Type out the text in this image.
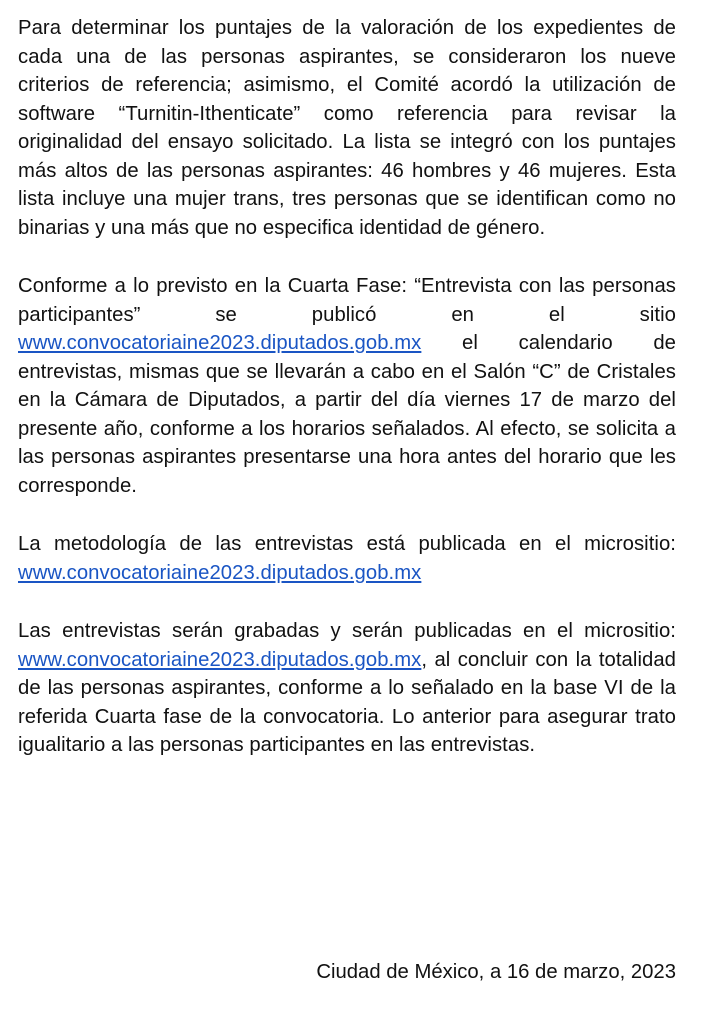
Para determinar los puntajes de la valoración de los expedientes de cada una de las personas aspirantes, se consideraron los nueve criterios de referencia; asimismo, el Comité acordó la utilización de software “Turnitin-Ithenticate” como referencia para revisar la originalidad del ensayo solicitado. La lista se integró con los puntajes más altos de las personas aspirantes: 46 hombres y 46 mujeres. Esta lista incluye una mujer trans, tres personas que se identifican como no binarias y una más que no especifica identidad de género.

Conforme a lo previsto en la Cuarta Fase: “Entrevista con las personas participantes” se publicó en el sitio www.convocatoriaine2023.diputados.gob.mx el calendario de entrevistas, mismas que se llevarán a cabo en el Salón “C” de Cristales en la Cámara de Diputados, a partir del día viernes 17 de marzo del presente año, conforme a los horarios señalados. Al efecto, se solicita a las personas aspirantes presentarse una hora antes del horario que les corresponde.

La metodología de las entrevistas está publicada en el micrositio: www.convocatoriaine2023.diputados.gob.mx

Las entrevistas serán grabadas y serán publicadas en el micrositio: www.convocatoriaine2023.diputados.gob.mx, al concluir con la totalidad de las personas aspirantes, conforme a lo señalado en la base VI de la referida Cuarta fase de la convocatoria. Lo anterior para asegurar trato igualitario a las personas participantes en las entrevistas.

Ciudad de México, a 16 de marzo, 2023
